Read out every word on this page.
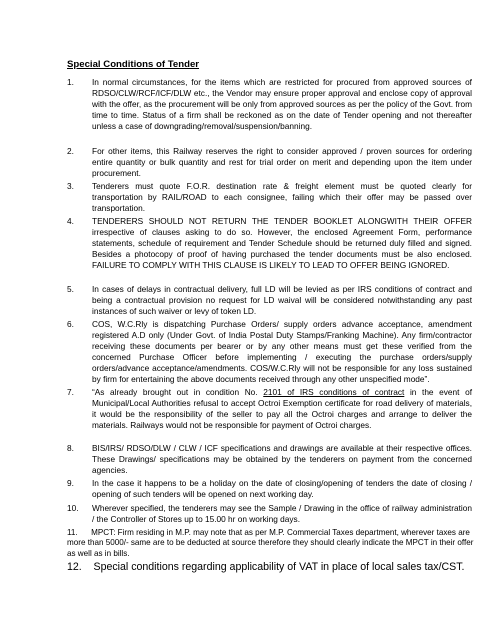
Special Conditions of Tender
1. In normal circumstances, for the items which are restricted for procured from approved sources of RDSO/CLW/RCF/ICF/DLW etc., the Vendor may ensure proper approval and enclose copy of approval with the offer, as the procurement will be only from approved sources as per the policy of the Govt. from time to time. Status of a firm shall be reckoned as on the date of Tender opening and not thereafter unless a case of downgrading/removal/suspension/banning.
2. For other items, this Railway reserves the right to consider approved / proven sources for ordering entire quantity or bulk quantity and rest for trial order on merit and depending upon the item under procurement.
3. Tenderers must quote F.O.R. destination rate & freight element must be quoted clearly for transportation by RAIL/ROAD to each consignee, failing which their offer may be passed over transportation.
4. TENDERERS SHOULD NOT RETURN THE TENDER BOOKLET ALONGWITH THEIR OFFER irrespective of clauses asking to do so. However, the enclosed Agreement Form, performance statements, schedule of requirement and Tender Schedule should be returned duly filled and signed. Besides a photocopy of proof of having purchased the tender documents must be also enclosed. FAILURE TO COMPLY WITH THIS CLAUSE IS LIKELY TO LEAD TO OFFER BEING IGNORED.
5. In cases of delays in contractual delivery, full LD will be levied as per IRS conditions of contract and being a contractual provision no request for LD waival will be considered notwithstanding any past instances of such waiver or levy of token LD.
6. COS, W.C.Rly is dispatching Purchase Orders/ supply orders advance acceptance, amendment registered A.D only (Under Govt. of India Postal Duty Stamps/Franking Machine). Any firm/contractor receiving these documents per bearer or by any other means must get these verified from the concerned Purchase Officer before implementing / executing the purchase orders/supply orders/advance acceptance/amendments. COS/W.C.Rly will not be responsible for any loss sustained by firm for entertaining the above documents received through any other unspecified mode”.
7. “As already brought out in condition No. 2101 of IRS conditions of contract in the event of Municipal/Local Authorities refusal to accept Octroi Exemption certificate for road delivery of materials, it would be the responsibility of the seller to pay all the Octroi charges and arrange to deliver the materials. Railways would not be responsible for payment of Octroi charges.
8. BIS/IRS/ RDSO/DLW / CLW / ICF specifications and drawings are available at their respective offices. These Drawings/ specifications may be obtained by the tenderers on payment from the concerned agencies.
9. In the case it happens to be a holiday on the date of closing/opening of tenders the date of closing / opening of such tenders will be opened on next working day.
10. Wherever specified, the tenderers may see the Sample / Drawing in the office of railway administration / the Controller of Stores up to 15.00 hr on working days.
11. MPCT: Firm residing in M.P. may note that as per M.P. Commercial Taxes department, wherever taxes are more than 5000/- same are to be deducted at source therefore they should clearly indicate the MPCT in their offer as well as in bills.
12. Special conditions regarding applicability of VAT in place of local sales tax/CST.
